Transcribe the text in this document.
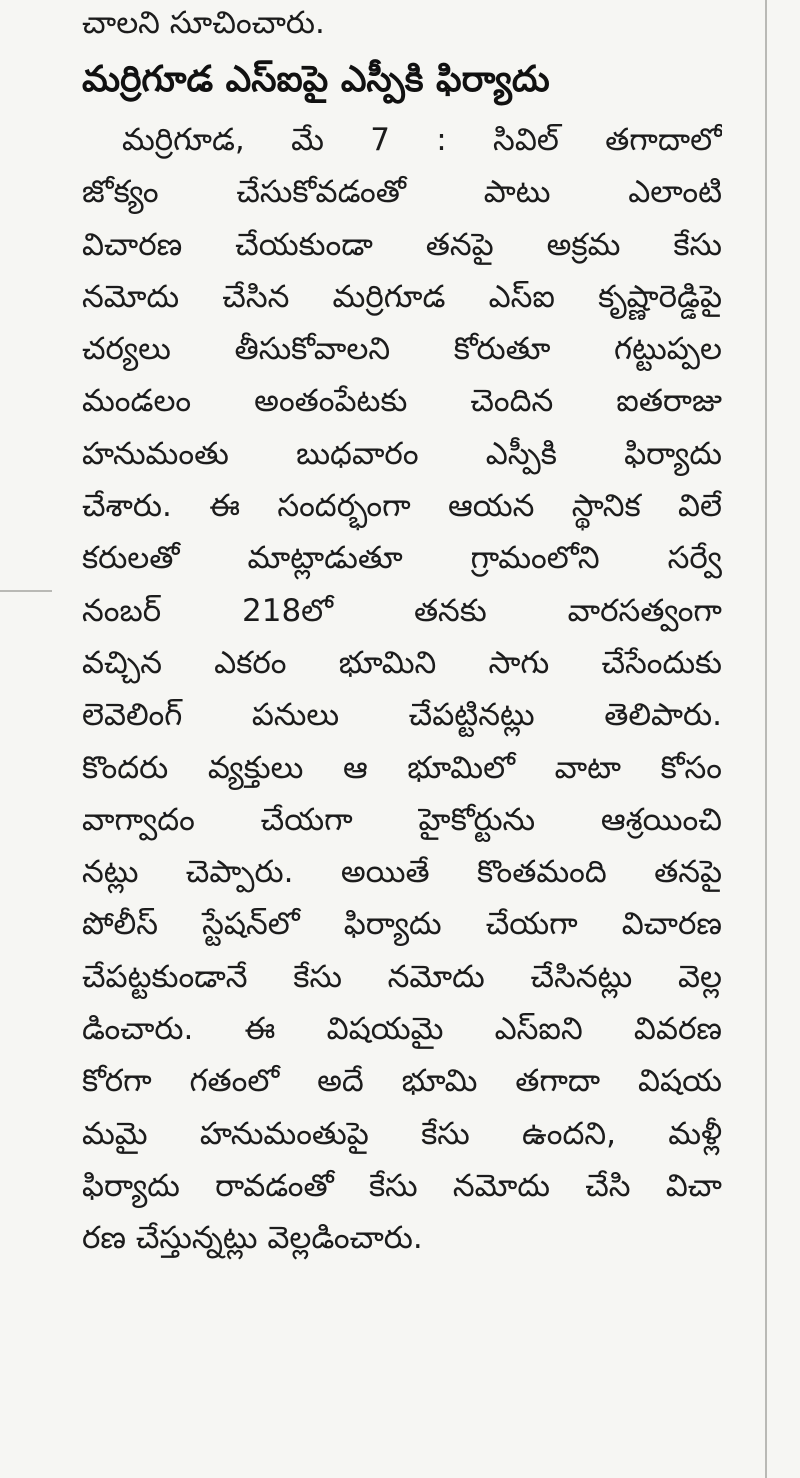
చాలని సూచించారు.

మర్రిగూడ ఎస్ఐపై ఎస్పీకి ఫిర్యాదు

మర్రిగూడ, మే 7 : సివిల్ తగాదాలో

జోక్యం చేసుకోవడంతో పాటు ఎలాంటి

విచారణ చేయకుండా తనపై అక్రమ కేసు

నమోదు చేసిన మర్రిగూడ ఎస్ఐ కృష్ణారెడ్డిపై

చర్యలు తీసుకోవాలని కోరుతూ గట్టుప్పల

మండలం అంతంపేటకు చెందిన ఐతరాజు

హనుమంతు బుధవారం ఎస్పీకి ఫిర్యాదు

చేశారు. ఈ సందర్భంగా ఆయన స్థానిక విలే

కరులతో మాట్లాడుతూ గ్రామంలోని సర్వే

నంబర్ 218లో తనకు వారసత్వంగా

వచ్చిన ఎకరం భూమిని సాగు చేసేందుకు

లెవెలింగ్ పనులు చేపట్టినట్లు తెలిపారు.

కొందరు వ్యక్తులు ఆ భూమిలో వాటా కోసం

వాగ్వాదం చేయగా హైకోర్టును ఆశ్రయించి

నట్లు చెప్పారు. అయితే కొంతమంది తనపై

పోలీస్ స్టేషన్‌లో ఫిర్యాదు చేయగా విచారణ

చేపట్టకుండానే కేసు నమోదు చేసినట్లు వెల్ల

డించారు. ఈ విషయమై ఎస్ఐని వివరణ

కోరగా గతంలో అదే భూమి తగాదా విషయ

మమై హనుమంతుపై కేసు ఉందని, మళ్లీ

ఫిర్యాదు రావడంతో కేసు నమోదు చేసి విచా

రణ చేస్తున్నట్లు వెల్లడించారు.
